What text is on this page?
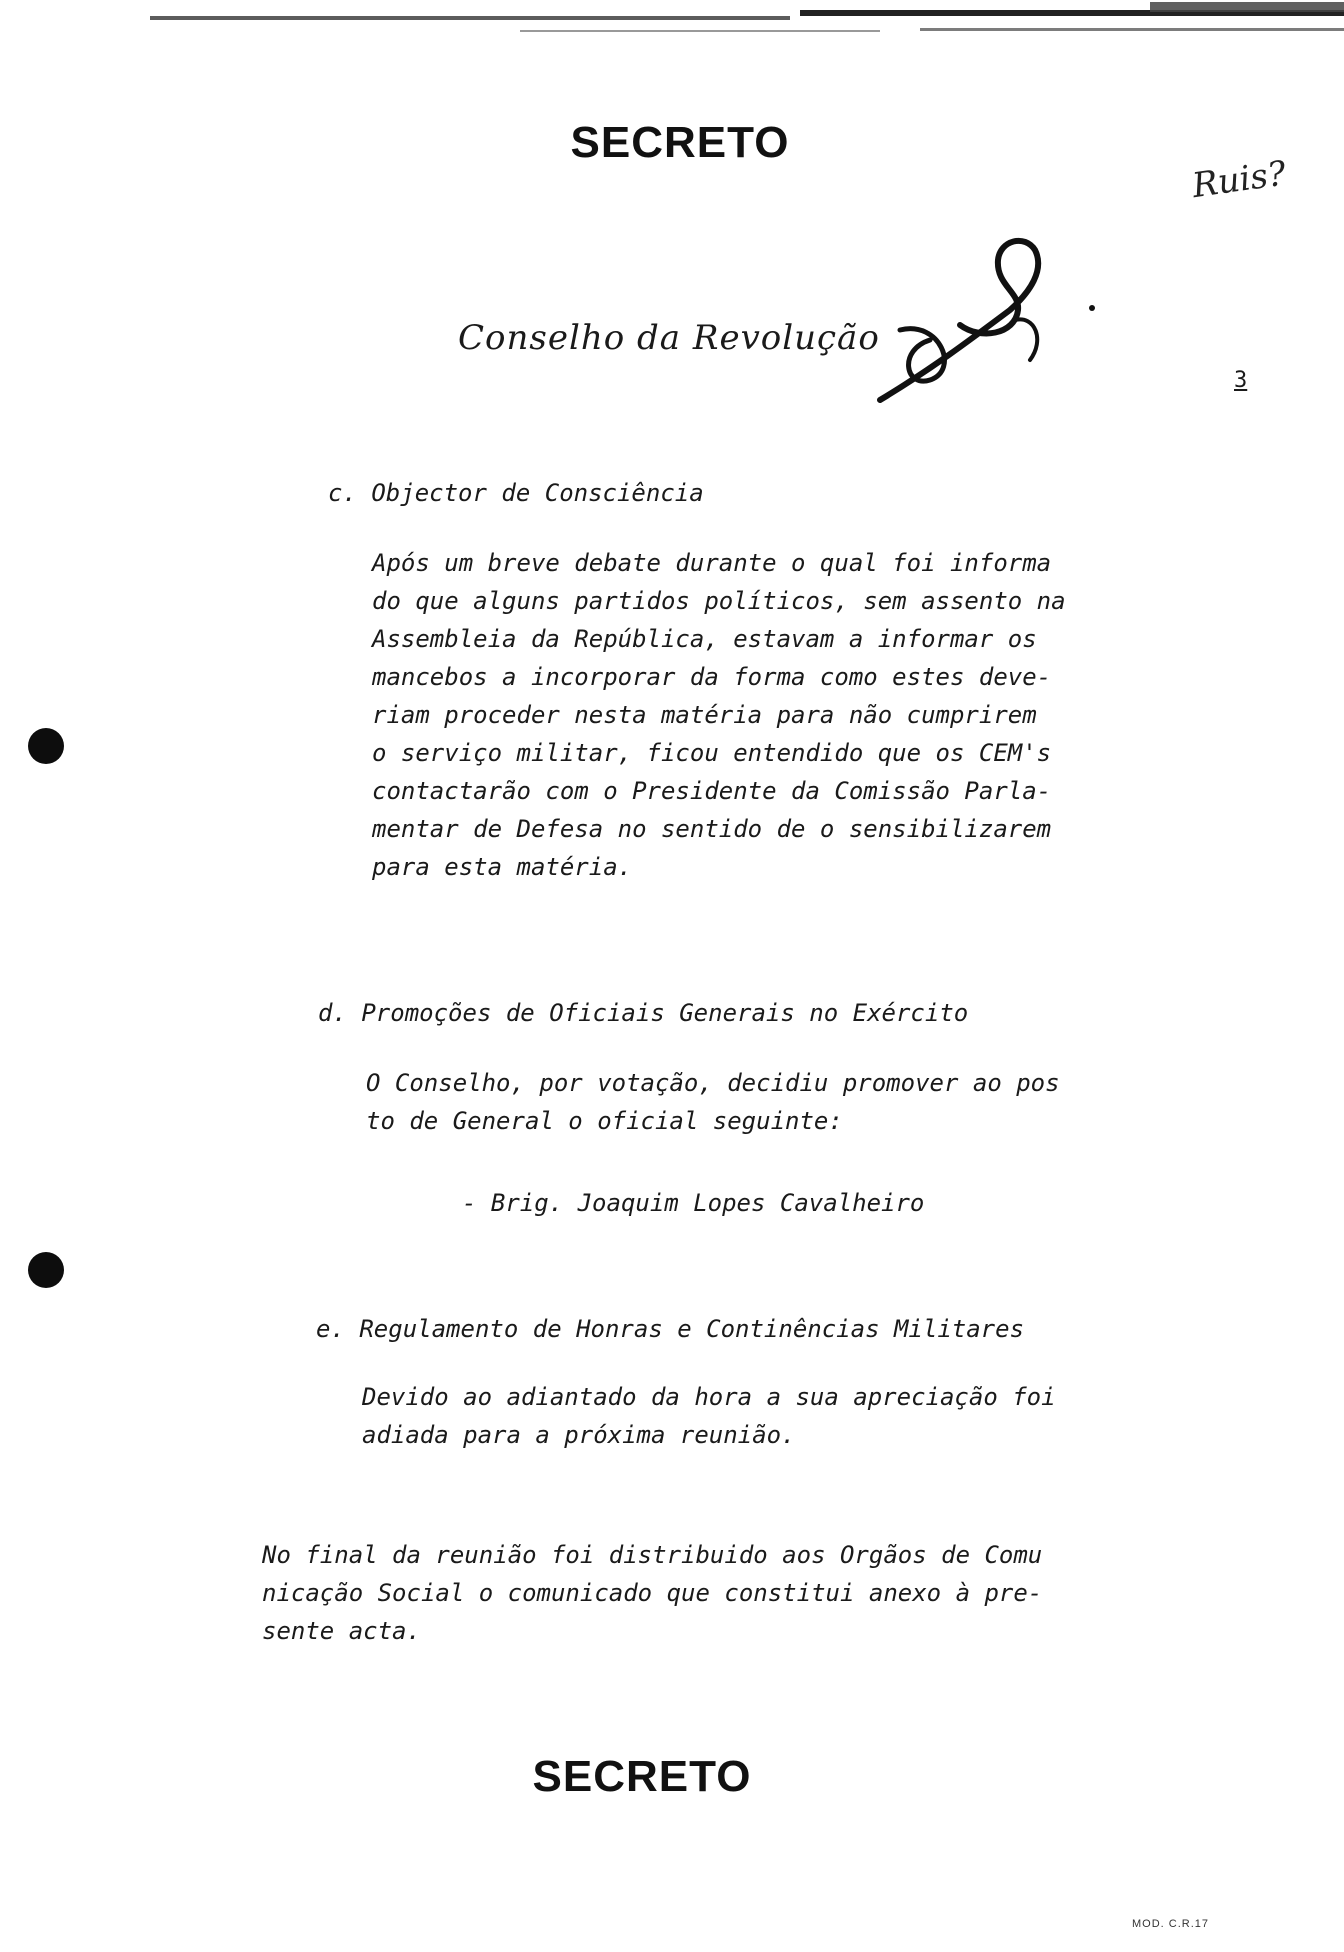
SECRETO
Ruis?
Conselho da Revolução
3
c. Objector de Consciência
Após um breve debate durante o qual foi informa
do que alguns partidos políticos, sem assento na
Assembleia da República, estavam a informar os
mancebos a incorporar da forma como estes deve-
riam proceder nesta matéria para não cumprirem
o serviço militar, ficou entendido que os CEM's
contactarão com o Presidente da Comissão Parla-
mentar de Defesa no sentido de o sensibilizarem
para esta matéria.
d. Promoções de Oficiais Generais no Exército
O Conselho, por votação, decidiu promover ao pos
to de General o oficial seguinte:
- Brig. Joaquim Lopes Cavalheiro
e. Regulamento de Honras e Continências Militares
Devido ao adiantado da hora a sua apreciação foi
adiada para a próxima reunião.
No final da reunião foi distribuido aos Orgãos de Comu
nicação Social o comunicado que constitui anexo à pre-
sente acta.
SECRETO
MOD. C.R.17
